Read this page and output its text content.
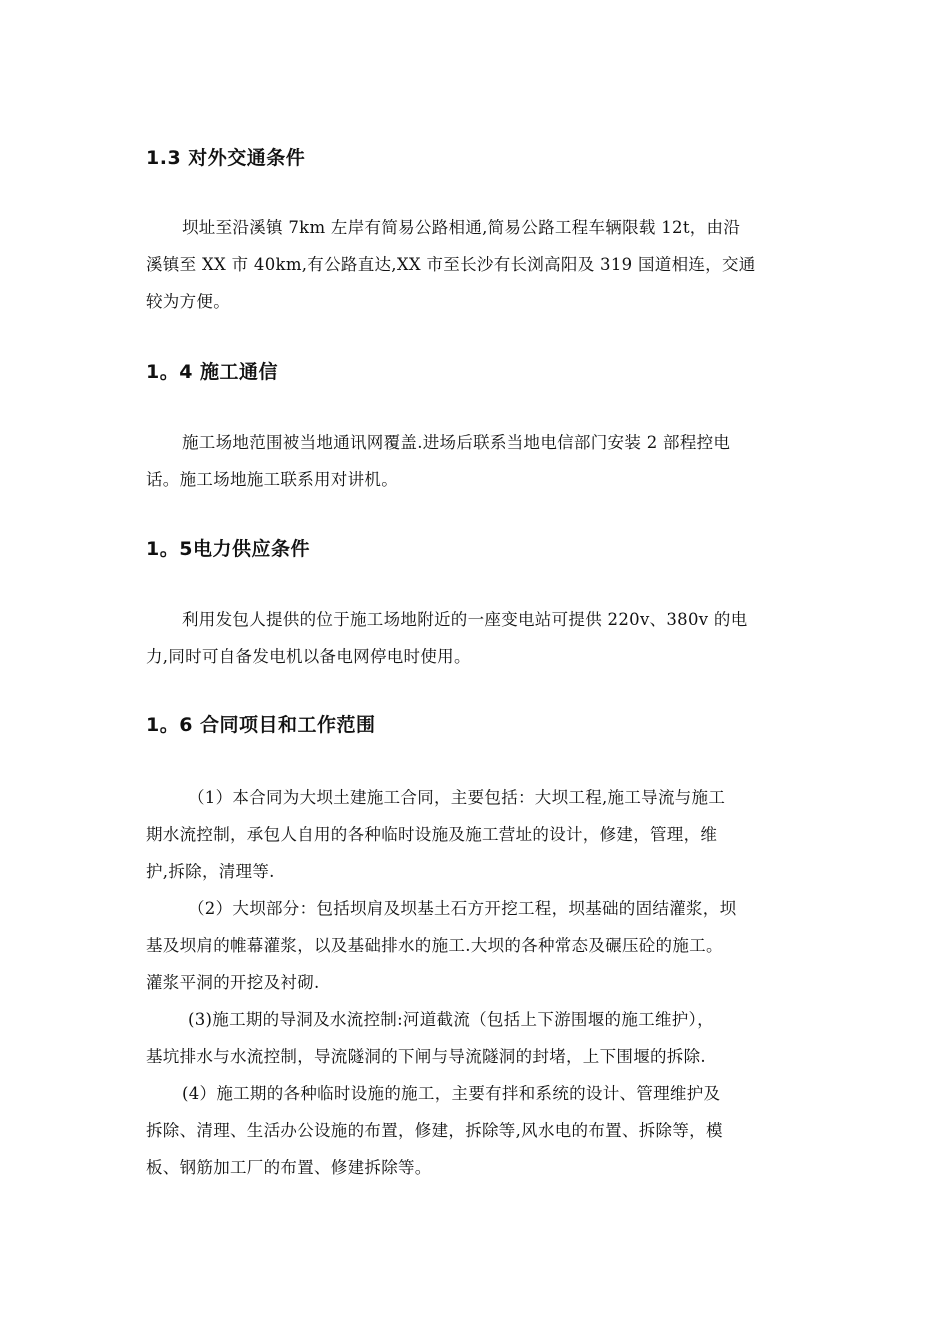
1.3 对外交通条件
坝址至沿溪镇 7km 左岸有简易公路相通,简易公路工程车辆限载 12t，由沿
溪镇至 XX 市 40km,有公路直达,XX 市至长沙有长浏高阳及 319 国道相连，交通
较为方便。
1。4 施工通信
施工场地范围被当地通讯网覆盖.进场后联系当地电信部门安装 2 部程控电
话。施工场地施工联系用对讲机。
1。5电力供应条件
利用发包人提供的位于施工场地附近的一座变电站可提供 220v、380v 的电
力,同时可自备发电机以备电网停电时使用。
1。6 合同项目和工作范围
（1）本合同为大坝土建施工合同，主要包括：大坝工程,施工导流与施工
期水流控制，承包人自用的各种临时设施及施工营址的设计，修建，管理，维
护,拆除，清理等.
（2）大坝部分：包括坝肩及坝基土石方开挖工程，坝基础的固结灌浆，坝
基及坝肩的帷幕灌浆，以及基础排水的施工.大坝的各种常态及碾压砼的施工。
灌浆平洞的开挖及衬砌.
(3)施工期的导洞及水流控制:河道截流（包括上下游围堰的施工维护），
基坑排水与水流控制，导流隧洞的下闸与导流隧洞的封堵，上下围堰的拆除.
(4）施工期的各种临时设施的施工，主要有拌和系统的设计、管理维护及
拆除、清理、生活办公设施的布置，修建，拆除等,风水电的布置、拆除等，模
板、钢筋加工厂的布置、修建拆除等。
